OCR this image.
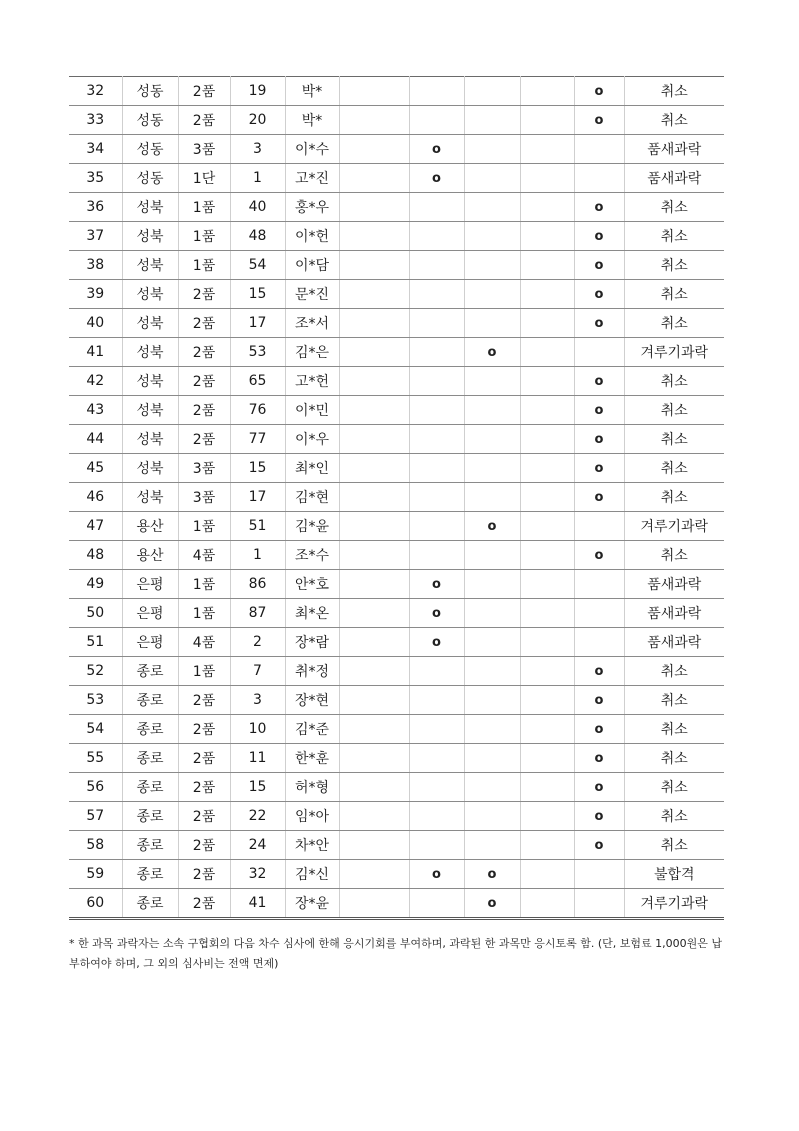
32	성동	2품	19	박*					o	취소
33	성동	2품	20	박*					o	취소
34	성동	3품	3	이*수		o				품새과락
35	성동	1단	1	고*진		o				품새과락
36	성북	1품	40	홍*우					o	취소
37	성북	1품	48	이*헌					o	취소
38	성북	1품	54	이*담					o	취소
39	성북	2품	15	문*진					o	취소
40	성북	2품	17	조*서					o	취소
41	성북	2품	53	김*은			o			겨루기과락
42	성북	2품	65	고*헌					o	취소
43	성북	2품	76	이*민					o	취소
44	성북	2품	77	이*우					o	취소
45	성북	3품	15	최*인					o	취소
46	성북	3품	17	김*현					o	취소
47	용산	1품	51	김*윤			o			겨루기과락
48	용산	4품	1	조*수					o	취소
49	은평	1품	86	안*호		o				품새과락
50	은평	1품	87	최*온		o				품새과락
51	은평	4품	2	장*람		o				품새과락
52	종로	1품	7	취*정					o	취소
53	종로	2품	3	장*현					o	취소
54	종로	2품	10	김*준					o	취소
55	종로	2품	11	한*훈					o	취소
56	종로	2품	15	허*형					o	취소
57	종로	2품	22	임*아					o	취소
58	종로	2품	24	차*안					o	취소
59	종로	2품	32	김*신		o	o			불합격
60	종로	2품	41	장*윤			o			겨루기과락
* 한 과목 과락자는 소속 구협회의 다음 차수 심사에 한해 응시기회를 부여하며, 과락된 한 과목만 응시토록 함. (단, 보험료 1,000원은 납부하여야 하며, 그 외의 심사비는 전액 면제)
